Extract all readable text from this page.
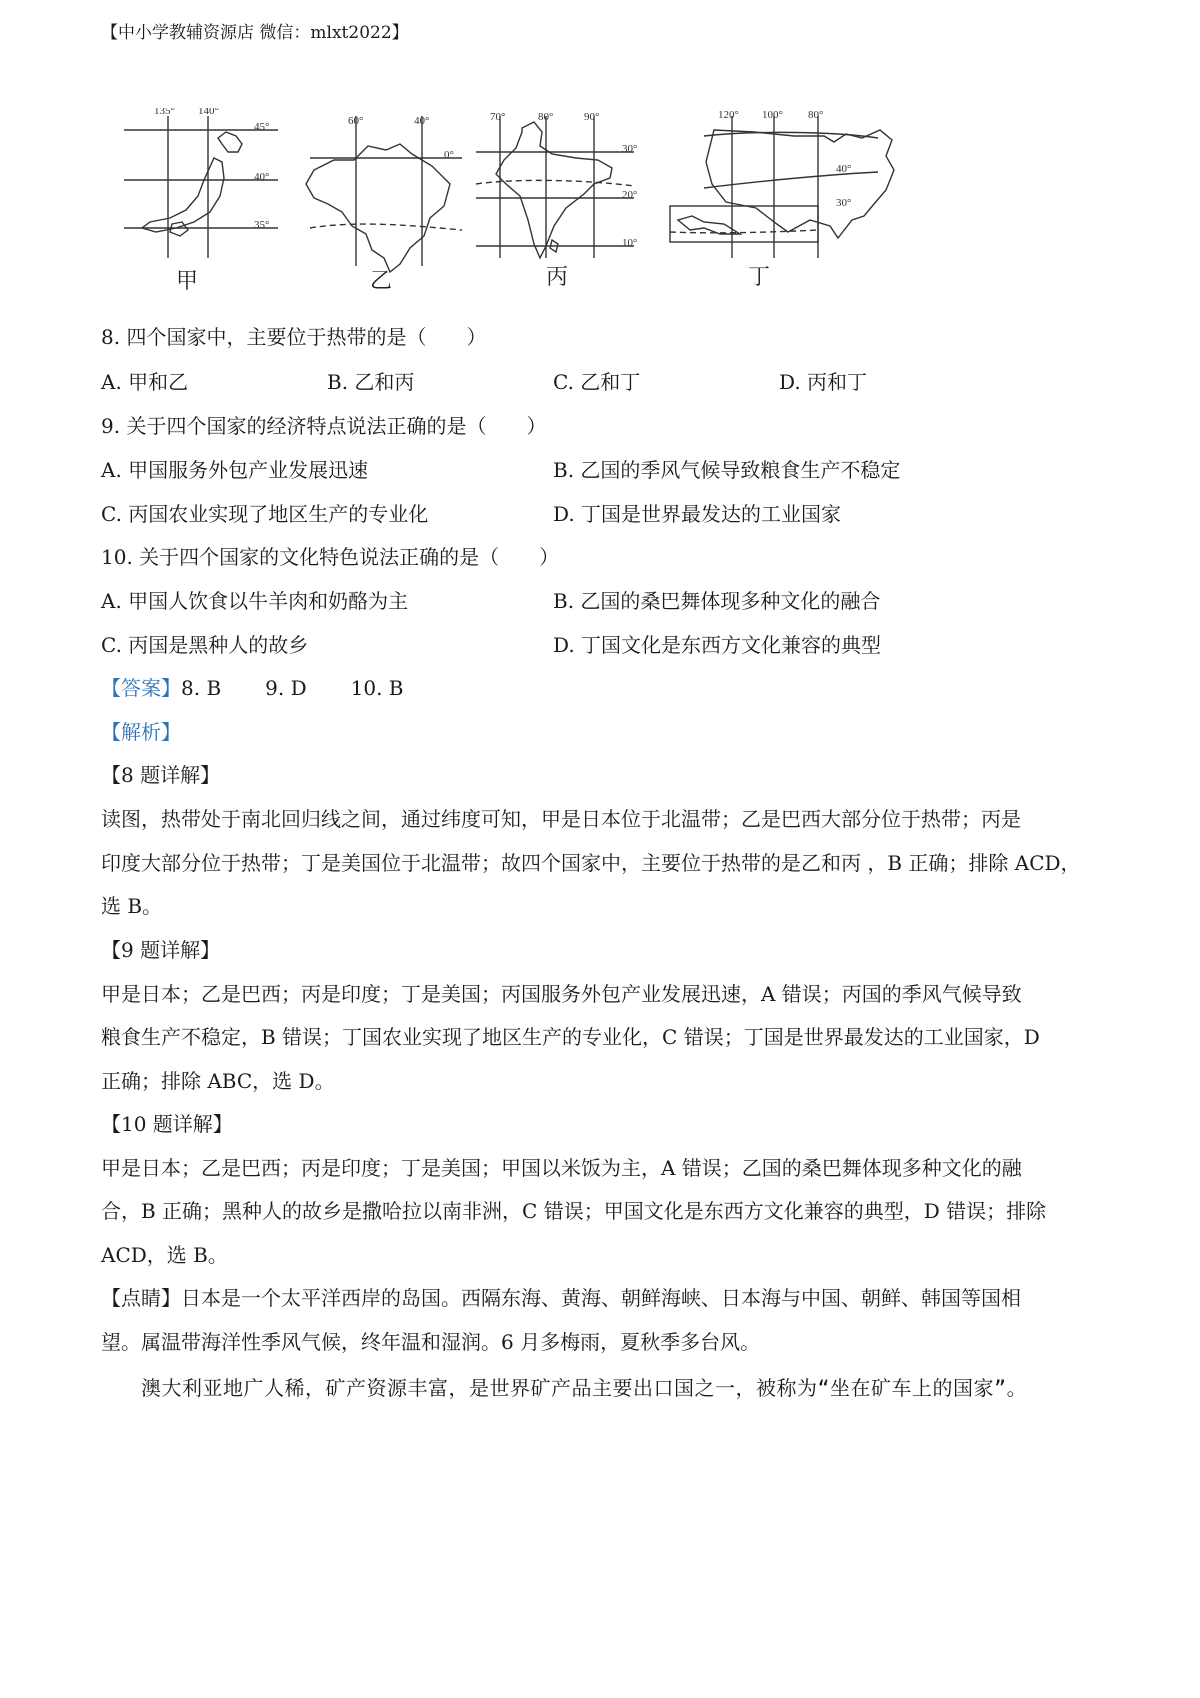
【中小学教辅资源店 微信：mlxt2022】
135° 140°
45°
40°
35°
60°	40°
0°
70°	80°	90°
30°
20°
10°
120° 100° 80°
40°
30°
甲	乙	丙	丁
8. 四个国家中，主要位于热带的是（　　）
A. 甲和乙	B. 乙和丙	C. 乙和丁	D. 丙和丁
9. 关于四个国家的经济特点说法正确的是（　　）
A. 甲国服务外包产业发展迅速	B. 乙国的季风气候导致粮食生产不稳定
C. 丙国农业实现了地区生产的专业化	D. 丁国是世界最发达的工业国家
10. 关于四个国家的文化特色说法正确的是（　　）
A. 甲国人饮食以牛羊肉和奶酪为主	B. 乙国的桑巴舞体现多种文化的融合
C. 丙国是黑种人的故乡	D. 丁国文化是东西方文化兼容的典型
【答案】8. B 9. D 10. B
【解析】
【8 题详解】
读图，热带处于南北回归线之间，通过纬度可知，甲是日本位于北温带；乙是巴西大部分位于热带；丙是
印度大部分位于热带；丁是美国位于北温带；故四个国家中，主要位于热带的是乙和丙 ，B 正确；排除 ACD，
选 B。
【9 题详解】
甲是日本；乙是巴西；丙是印度；丁是美国；丙国服务外包产业发展迅速，A 错误；丙国的季风气候导致
粮食生产不稳定，B 错误；丁国农业实现了地区生产的专业化，C 错误；丁国是世界最发达的工业国家，D
正确；排除 ABC，选 D。
【10 题详解】
甲是日本；乙是巴西；丙是印度；丁是美国；甲国以米饭为主，A 错误；乙国的桑巴舞体现多种文化的融
合，B 正确；黑种人的故乡是撒哈拉以南非洲，C 错误；甲国文化是东西方文化兼容的典型，D 错误；排除
ACD，选 B。
【点睛】日本是一个太平洋西岸的岛国。西隔东海、黄海、朝鲜海峡、日本海与中国、朝鲜、韩国等国相
望。属温带海洋性季风气候，终年温和湿润。6 月多梅雨，夏秋季多台风。
澳大利亚地广人稀，矿产资源丰富，是世界矿产品主要出口国之一，被称为“坐在矿车上的国家”。
